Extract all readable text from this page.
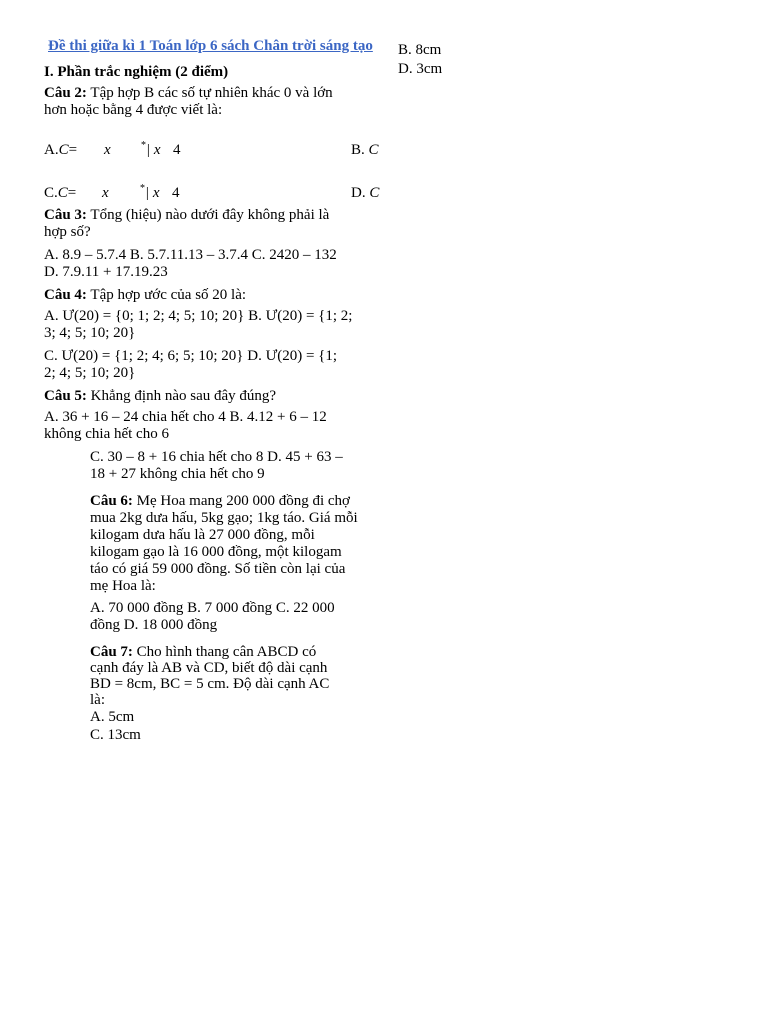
Đề thi giữa kì 1 Toán lớp 6 sách Chân trời sáng tạo
I. Phần trắc nghiệm (2 điểm)
Câu 2: Tập hợp B các số tự nhiên khác 0 và lớn hơn hoặc bằng 4 được viết là:
A.C= x	*| x 4	B. C
C.C= x	*| x 4	D. C
Câu 3: Tổng (hiệu) nào dưới đây không phải là hợp số?
A. 8.9 – 5.7.4 B. 5.7.11.13 – 3.7.4 C. 2420 – 132 D. 7.9.11 + 17.19.23
Câu 4: Tập hợp ước của số 20 là:
A. Ư(20) = {0; 1; 2; 4; 5; 10; 20} B. Ư(20) = {1; 2; 3; 4; 5; 10; 20}
C. Ư(20) = {1; 2; 4; 6; 5; 10; 20} D. Ư(20) = {1; 2; 4; 5; 10; 20}
Câu 5: Khẳng định nào sau đây đúng?
A. 36 + 16 – 24 chia hết cho 4 B. 4.12 + 6 – 12 không chia hết cho 6
C. 30 – 8 + 16 chia hết cho 8 D. 45 + 63 – 18 + 27 không chia hết cho 9
Câu 6: Mẹ Hoa mang 200 000 đồng đi chợ mua 2kg dưa hấu, 5kg gạo; 1kg táo. Giá mỗi kilogam dưa hấu là 27 000 đồng, mỗi kilogam gạo là 16 000 đồng, một kilogam táo có giá 59 000 đồng. Số tiền còn lại của mẹ Hoa là:
A. 70 000 đồng B. 7 000 đồng C. 22 000 đồng D. 18 000 đồng
Câu 7: Cho hình thang cân ABCD có cạnh đáy là AB và CD, biết độ dài cạnh BD = 8cm, BC = 5 cm. Độ dài cạnh AC là:
A. 5cm
C. 13cm
B. 8cm
D. 3cm
